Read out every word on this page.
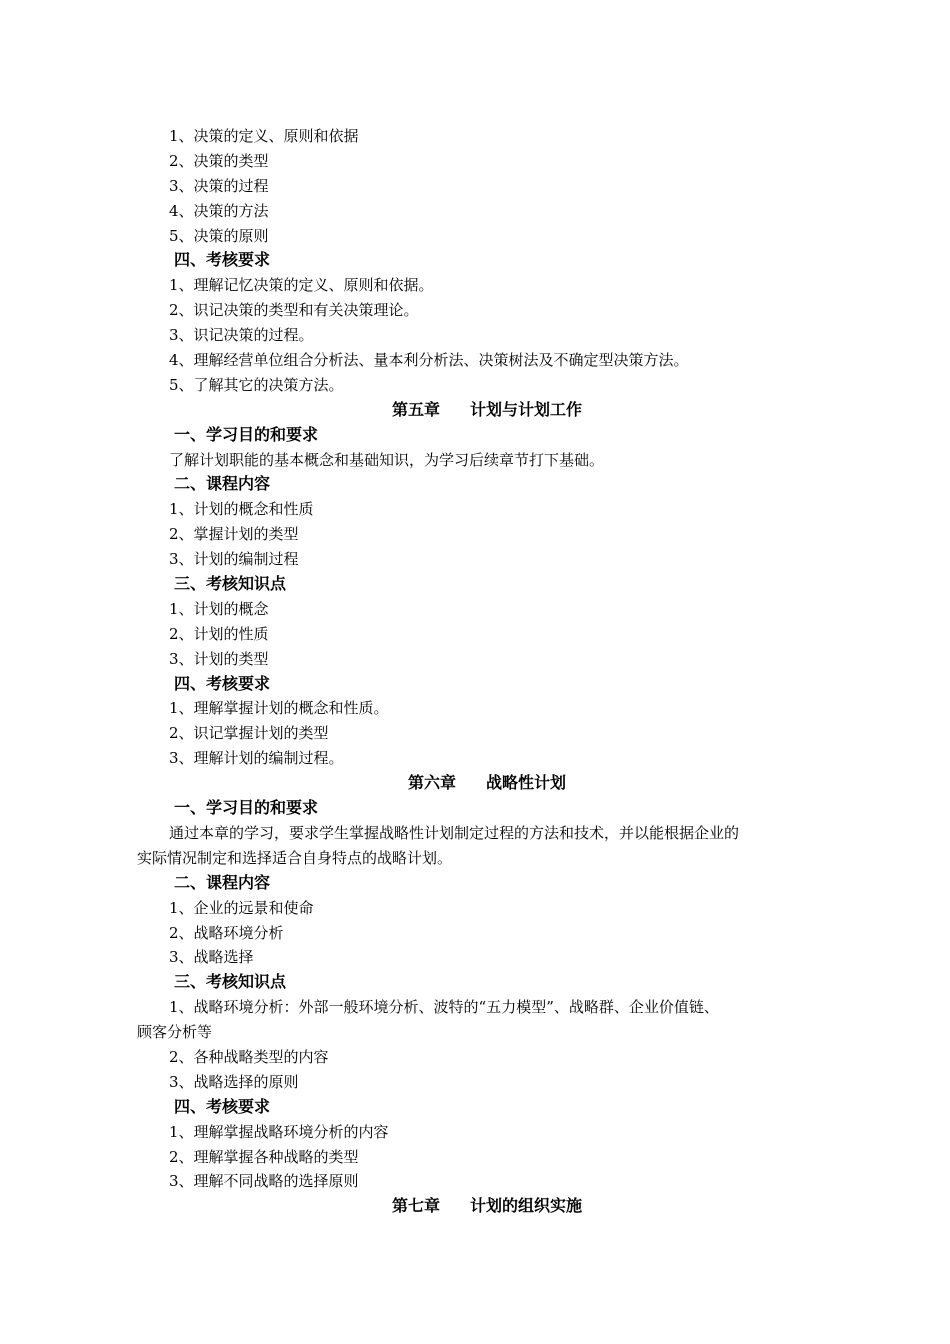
1、决策的定义、原则和依据
2、决策的类型
3、决策的过程
4、决策的方法
5、决策的原则
四、考核要求
1、理解记忆决策的定义、原则和依据。
2、识记决策的类型和有关决策理论。
3、识记决策的过程。
4、理解经营单位组合分析法、量本利分析法、决策树法及不确定型决策方法。
5、了解其它的决策方法。
第五章 计划与计划工作
一、学习目的和要求
了解计划职能的基本概念和基础知识，为学习后续章节打下基础。
二、课程内容
1、计划的概念和性质
2、掌握计划的类型
3、计划的编制过程
三、考核知识点
1、计划的概念
2、计划的性质
3、计划的类型
四、考核要求
1、理解掌握计划的概念和性质。
2、识记掌握计划的类型
3、理解计划的编制过程。
第六章 战略性计划
一、学习目的和要求
通过本章的学习，要求学生掌握战略性计划制定过程的方法和技术，并以能根据企业的
实际情况制定和选择适合自身特点的战略计划。
二、课程内容
1、企业的远景和使命
2、战略环境分析
3、战略选择
三、考核知识点
1、战略环境分析：外部一般环境分析、波特的“五力模型”、战略群、企业价值链、
顾客分析等
2、各种战略类型的内容
3、战略选择的原则
四、考核要求
1、理解掌握战略环境分析的内容
2、理解掌握各种战略的类型
3、理解不同战略的选择原则
第七章 计划的组织实施
